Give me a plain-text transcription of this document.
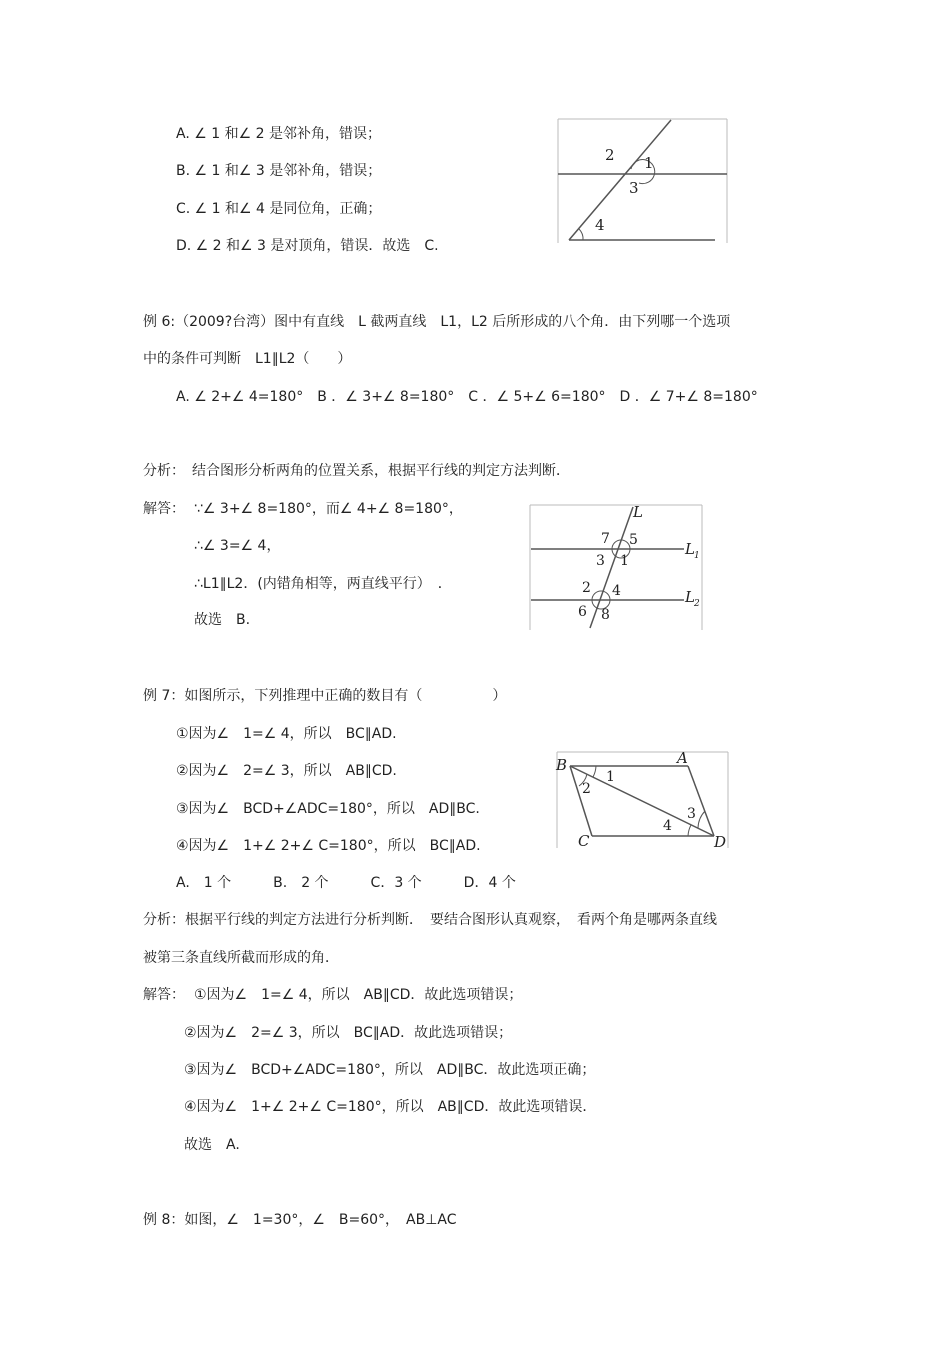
A. ∠ 1 和∠ 2 是邻补角，错误；
B. ∠ 1 和∠ 3 是邻补角，错误；
C. ∠ 1 和∠ 4 是同位角，正确；
D. ∠ 2 和∠ 3 是对顶角，错误．故选　C.
2 1
3
4
例 6:（2009?台湾）图中有直线　L 截两直线　L1，L2 后所形成的八个角．由下列哪一个选项
中的条件可判断　L1∥L2（　　）
A. ∠ 2+∠ 4=180°　B ．∠ 3+∠ 8=180°　C ．∠ 5+∠ 6=180°　D ．∠ 7+∠ 8=180°
分析：　结合图形分析两角的位置关系，根据平行线的判定方法判断．
解答： ∵∠ 3+∠ 8=180°，而∠ 4+∠ 8=180°，
∴∠ 3=∠ 4，
∴L1∥L2．(内错角相等，两直线平行）　．
故选　B.
L
L 1
L 2
7 5
3 1
2 4
6 8
例 7：如图所示，下列推理中正确的数目有（　　　　　）
①因为∠　1=∠ 4，所以　BC∥AD.
②因为∠　2=∠ 3，所以　AB∥CD.
③因为∠　BCD+∠ADC=180°，所以　AD∥BC.
④因为∠　1+∠ 2+∠ C=180°，所以　BC∥AD.
A.　1 个　　　B.　2 个　　　C．3 个　　　D．4 个
分析：根据平行线的判定方法进行分析判断．　要结合图形认真观察，　看两个角是哪两条直线
被第三条直线所截而形成的角．
解答： ①因为∠　1=∠ 4，所以　AB∥CD．故此选项错误；
②因为∠　2=∠ 3，所以　BC∥AD．故此选项错误；
③因为∠　BCD+∠ADC=180°，所以　AD∥BC．故此选项正确；
④因为∠　1+∠ 2+∠ C=180°，所以　AB∥CD．故此选项错误．
故选　A.
B	A
C	D
1
2
3
4
例 8：如图，∠　1=30°，∠　B=60°，　AB⊥AC
